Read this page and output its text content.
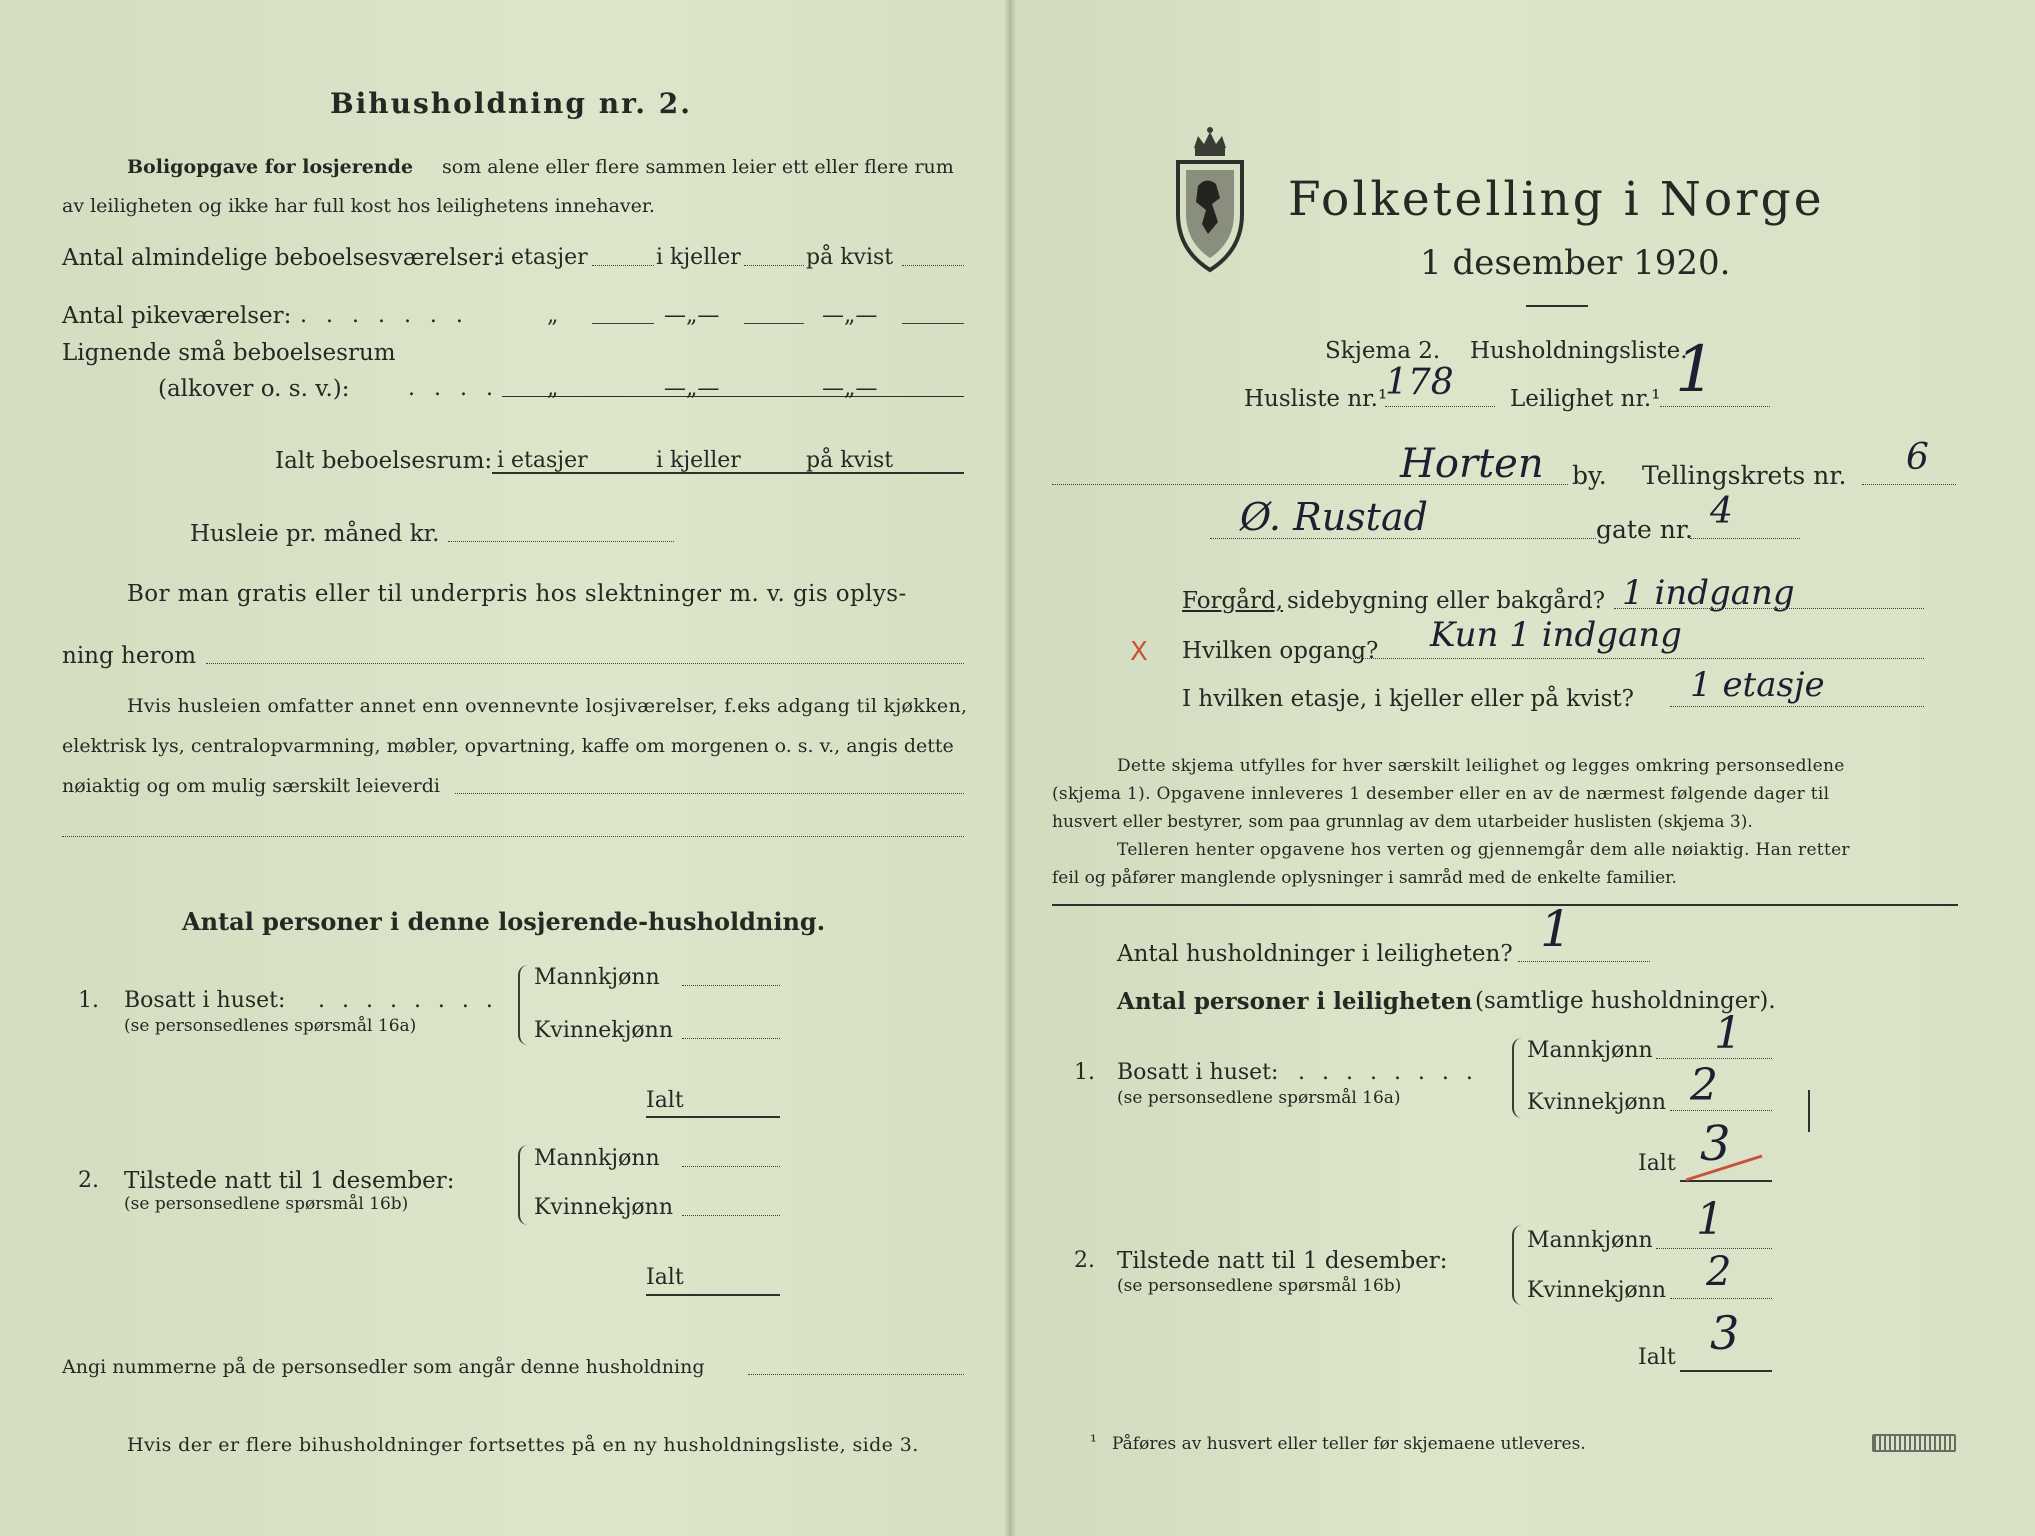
Bihusholdning nr. 2.
Boligopgave for losjerende som alene eller flere sammen leier ett eller flere rum
av leiligheten og ikke har full kost hos leilighetens innehaver.
Antal almindelige beboelsesværelser:
i etasjer	i kjeller	på kvist
Antal pikeværelser: . . . . . . .	„	—„—	—„—
Lignende små beboelsesrum
(alkover o. s. v.):	. . . . „	—„—	—„—
Ialt beboelsesrum: i etasjer	i kjeller	på kvist
Husleie pr. måned kr.
Bor man gratis eller til underpris hos slektninger m. v. gis oplys-
ning herom
Hvis husleien omfatter annet enn ovennevnte losjiværelser, f.eks adgang til kjøkken,
elektrisk lys, centralopvarmning, møbler, opvartning, kaffe om morgenen o. s. v., angis dette
nøiaktig og om mulig særskilt leieverdi
Antal personer i denne losjerende-husholdning.
1. Bosatt i huset: . . . . . . . .
(se personsedlenes spørsmål 16a)
Mannkjønn
Kvinnekjønn
Ialt
2. Tilstede natt til 1 desember:
(se personsedlene spørsmål 16b)
Mannkjønn
Kvinnekjønn
Ialt
Angi nummerne på de personsedler som angår denne husholdning
Hvis der er flere bihusholdninger fortsettes på en ny husholdningsliste, side 3.
Folketelling i Norge
1 desember 1920.
Skjema 2. Husholdningsliste.
Husliste nr.¹
178 Leilighet nr.¹ 1
Horten by. Tellingskrets nr. 6
Ø. Rustad	gate nr. 4
Forgård, sidebygning eller bakgård? 1 indgang
X Hvilken opgang? Kun 1 indgang
I hvilken etasje, i kjeller eller på kvist? 1 etasje
Dette skjema utfylles for hver særskilt leilighet og legges omkring personsedlene
(skjema 1). Opgavene innleveres 1 desember eller en av de nærmest følgende dager til
husvert eller bestyrer, som paa grunnlag av dem utarbeider huslisten (skjema 3).
Telleren henter opgavene hos verten og gjennemgår dem alle nøiaktig. Han retter
feil og påfører manglende oplysninger i samråd med de enkelte familier.
Antal husholdninger i leiligheten? 1
Antal personer i leiligheten (samtlige husholdninger).
1. Bosatt i huset: . . . . . . . .
(se personsedlene spørsmål 16a)
Mannkjønn 1
Kvinnekjønn 2
Ialt 3
2. Tilstede natt til 1 desember:
(se personsedlene spørsmål 16b)
Mannkjønn 1
Kvinnekjønn 2
Ialt 3
¹ Påføres av husvert eller teller før skjemaene utleveres.
